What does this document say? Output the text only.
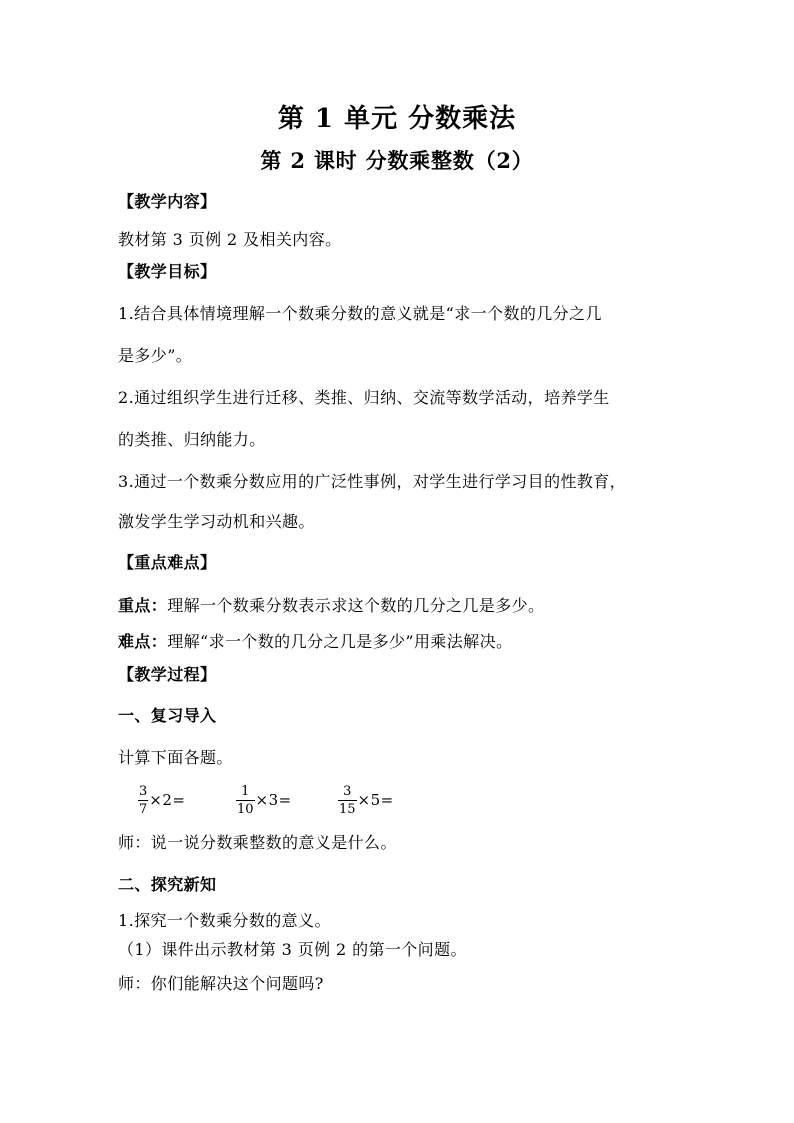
第 1 单元 分数乘法
第 2 课时 分数乘整数（2）
【教学内容】
教材第 3 页例 2 及相关内容。
【教学目标】
1.结合具体情境理解一个数乘分数的意义就是“求一个数的几分之几
是多少”。
2.通过组织学生进行迁移、类推、归纳、交流等数学活动，培养学生
的类推、归纳能力。
3.通过一个数乘分数应用的广泛性事例，对学生进行学习目的性教育，
激发学生学习动机和兴趣。
【重点难点】
重点：理解一个数乘分数表示求这个数的几分之几是多少。
难点：理解“求一个数的几分之几是多少”用乘法解决。
【教学过程】
一、复习导入
计算下面各题。
$\frac{3}{7} \times 2=$	$\frac{1}{10} \times 3=$	$\frac{3}{15} \times 5=$
师：说一说分数乘整数的意义是什么。
二、探究新知
1.探究一个数乘分数的意义。
（1）课件出示教材第 3 页例 2 的第一个问题。
师：你们能解决这个问题吗?
